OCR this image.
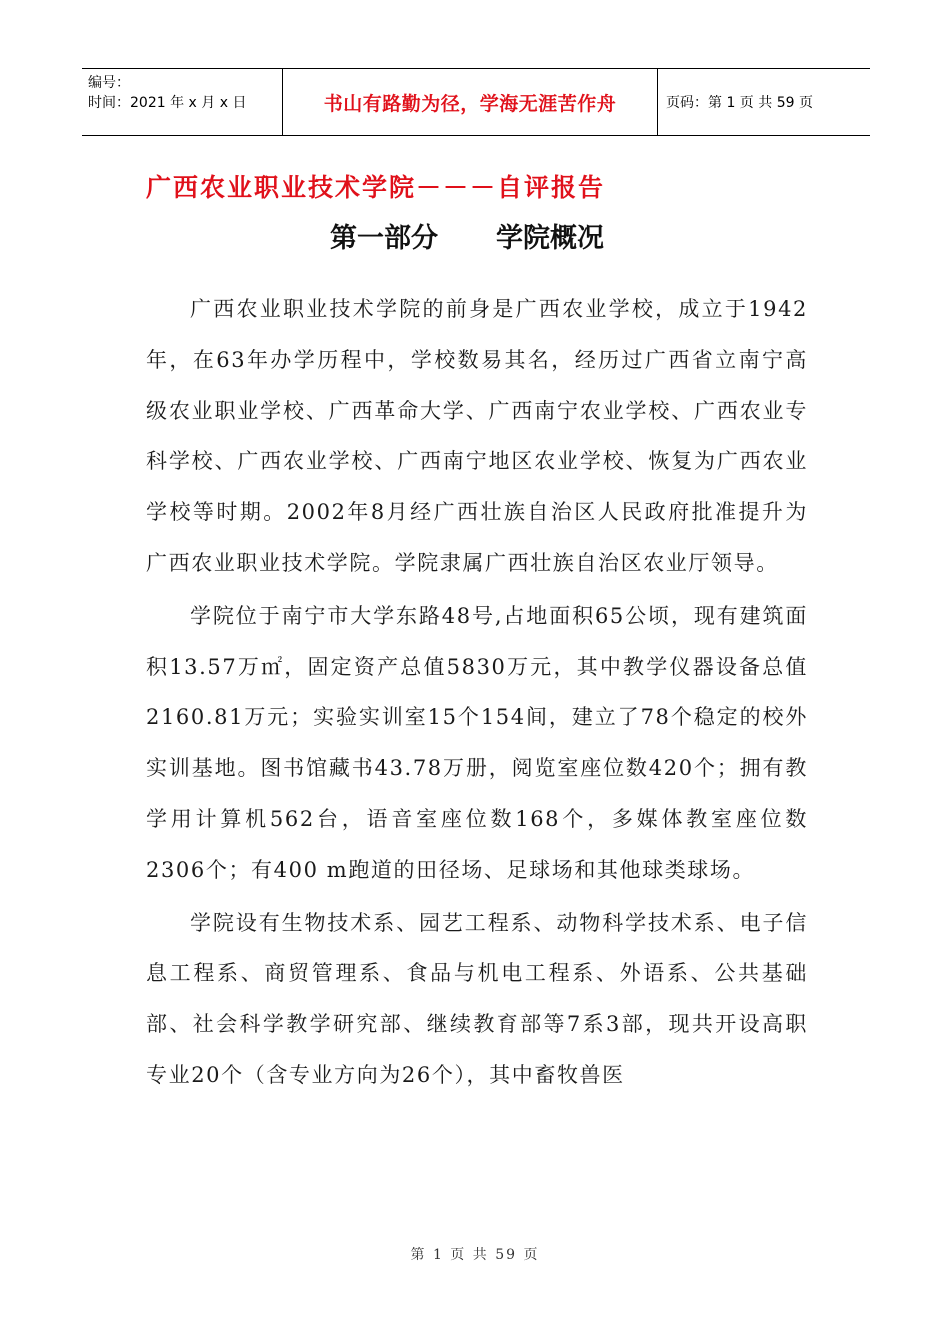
编号：
时间：2021 年 x 月 x 日	书山有路勤为径，学海无涯苦作舟	页码：第 1 页 共 59 页
广西农业职业技术学院－－－自评报告
第一部分 学院概况

广西农业职业技术学院的前身是广西农业学校，成立于1942年，在63年办学历程中，学校数易其名，经历过广西省立南宁高级农业职业学校、广西革命大学、广西南宁农业学校、广西农业专科学校、广西农业学校、广西南宁地区农业学校、恢复为广西农业学校等时期。2002年8月经广西壮族自治区人民政府批准提升为广西农业职业技术学院。学院隶属广西壮族自治区农业厅领导。

学院位于南宁市大学东路48号,占地面积65公顷，现有建筑面积13.57万㎡，固定资产总值5830万元，其中教学仪器设备总值2160.81万元；实验实训室15个154间，建立了78个稳定的校外实训基地。图书馆藏书43.78万册，阅览室座位数420个；拥有教学用计算机562台，语音室座位数168个，多媒体教室座位数2306个；有400 m跑道的田径场、足球场和其他球类球场。

学院设有生物技术系、园艺工程系、动物科学技术系、电子信息工程系、商贸管理系、食品与机电工程系、外语系、公共基础部、社会科学教学研究部、继续教育部等7系3部，现共开设高职专业20个（含专业方向为26个），其中畜牧兽医

第 1 页 共 59 页
